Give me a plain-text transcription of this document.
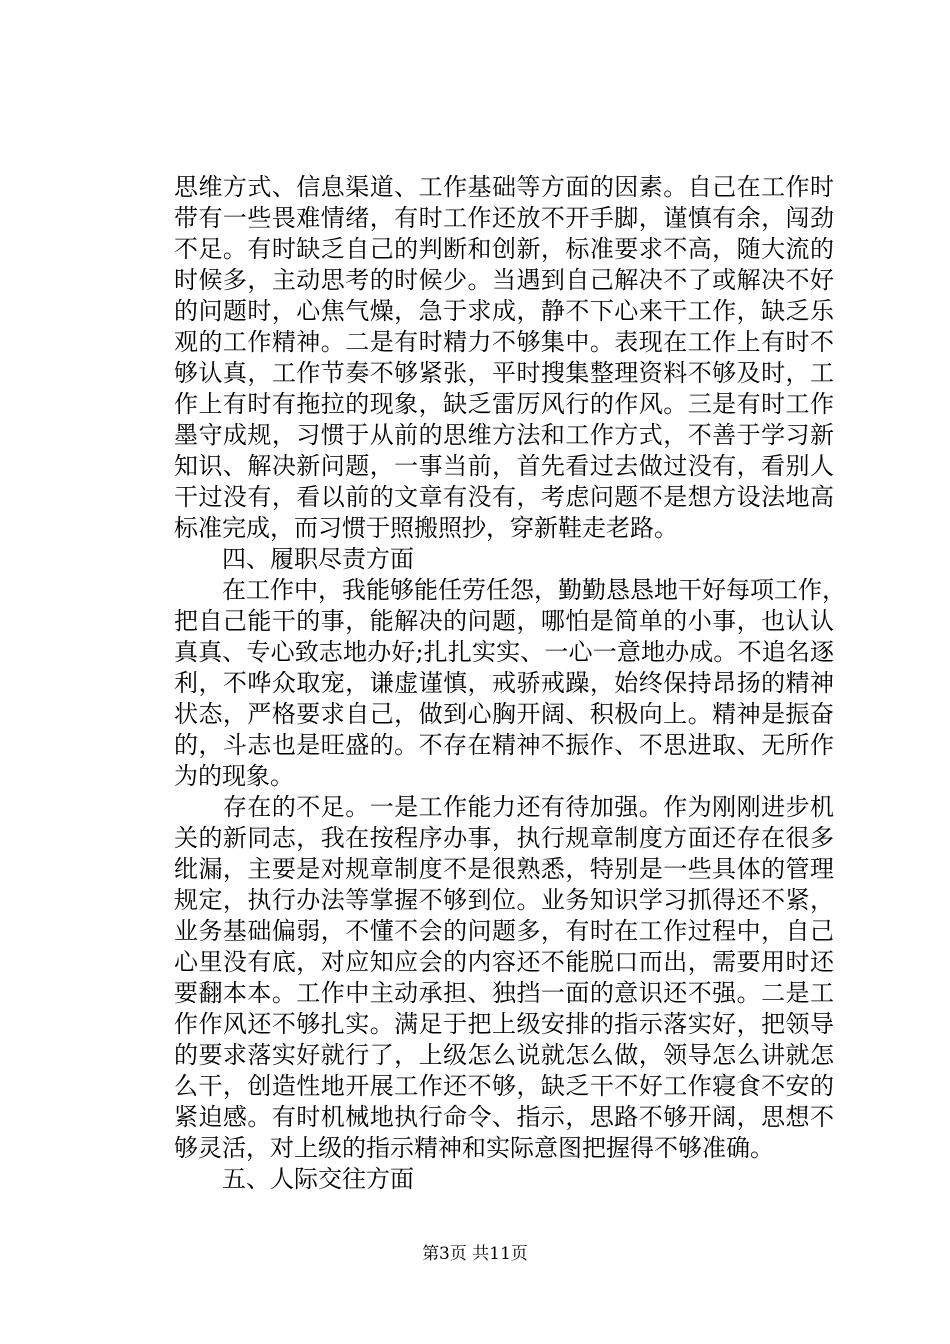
思维方式、信息渠道、工作基础等方面的因素。自己在工作时
带有一些畏难情绪，有时工作还放不开手脚，谨慎有余，闯劲
不足。有时缺乏自己的判断和创新，标准要求不高，随大流的
时候多，主动思考的时候少。当遇到自己解决不了或解决不好
的问题时，心焦气燥，急于求成，静不下心来干工作，缺乏乐
观的工作精神。二是有时精力不够集中。表现在工作上有时不
够认真，工作节奏不够紧张，平时搜集整理资料不够及时，工
作上有时有拖拉的现象，缺乏雷厉风行的作风。三是有时工作
墨守成规，习惯于从前的思维方法和工作方式，不善于学习新
知识、解决新问题，一事当前，首先看过去做过没有，看别人
干过没有，看以前的文章有没有，考虑问题不是想方设法地高
标准完成，而习惯于照搬照抄，穿新鞋走老路。
　　四、履职尽责方面
　　在工作中，我能够能任劳任怨，勤勤恳恳地干好每项工作，
把自己能干的事，能解决的问题，哪怕是简单的小事，也认认
真真、专心致志地办好;扎扎实实、一心一意地办成。不追名逐
利，不哗众取宠，谦虚谨慎，戒骄戒躁，始终保持昂扬的精神
状态，严格要求自己，做到心胸开阔、积极向上。精神是振奋
的，斗志也是旺盛的。不存在精神不振作、不思进取、无所作
为的现象。
　　存在的不足。一是工作能力还有待加强。作为刚刚进步机
关的新同志，我在按程序办事，执行规章制度方面还存在很多
纰漏，主要是对规章制度不是很熟悉，特别是一些具体的管理
规定，执行办法等掌握不够到位。业务知识学习抓得还不紧，
业务基础偏弱，不懂不会的问题多，有时在工作过程中，自己
心里没有底，对应知应会的内容还不能脱口而出，需要用时还
要翻本本。工作中主动承担、独挡一面的意识还不强。二是工
作作风还不够扎实。满足于把上级安排的指示落实好，把领导
的要求落实好就行了，上级怎么说就怎么做，领导怎么讲就怎
么干，创造性地开展工作还不够，缺乏干不好工作寝食不安的
紧迫感。有时机械地执行命令、指示，思路不够开阔，思想不
够灵活，对上级的指示精神和实际意图把握得不够准确。
　　五、人际交往方面
第3页 共11页
